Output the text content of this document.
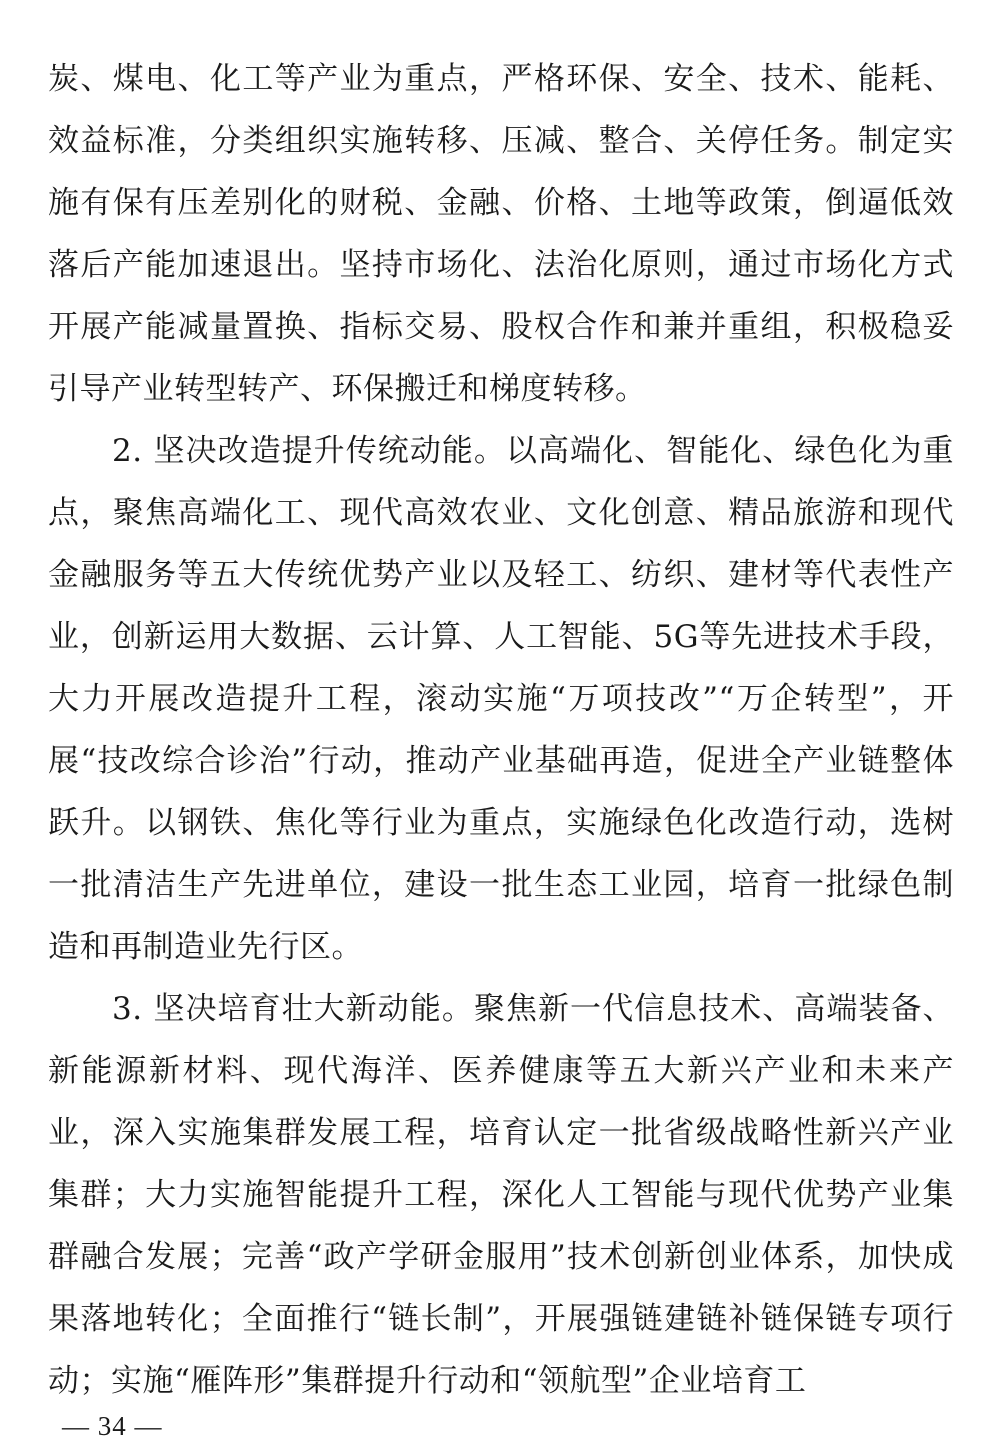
炭、煤电、化工等产业为重点，严格环保、安全、技术、能耗、效益标准，分类组织实施转移、压减、整合、关停任务。制定实施有保有压差别化的财税、金融、价格、土地等政策，倒逼低效落后产能加速退出。坚持市场化、法治化原则，通过市场化方式开展产能减量置换、指标交易、股权合作和兼并重组，积极稳妥引导产业转型转产、环保搬迁和梯度转移。

2. 坚决改造提升传统动能。以高端化、智能化、绿色化为重点，聚焦高端化工、现代高效农业、文化创意、精品旅游和现代金融服务等五大传统优势产业以及轻工、纺织、建材等代表性产业，创新运用大数据、云计算、人工智能、5G等先进技术手段，大力开展改造提升工程，滚动实施“万项技改”“万企转型”，开展“技改综合诊治”行动，推动产业基础再造，促进全产业链整体跃升。以钢铁、焦化等行业为重点，实施绿色化改造行动，选树一批清洁生产先进单位，建设一批生态工业园，培育一批绿色制造和再制造业先行区。

3. 坚决培育壮大新动能。聚焦新一代信息技术、高端装备、新能源新材料、现代海洋、医养健康等五大新兴产业和未来产业，深入实施集群发展工程，培育认定一批省级战略性新兴产业集群；大力实施智能提升工程，深化人工智能与现代优势产业集群融合发展；完善“政产学研金服用”技术创新创业体系，加快成果落地转化；全面推行“链长制”，开展强链建链补链保链专项行动；实施“雁阵形”集群提升行动和“领航型”企业培育工

— 34 —
